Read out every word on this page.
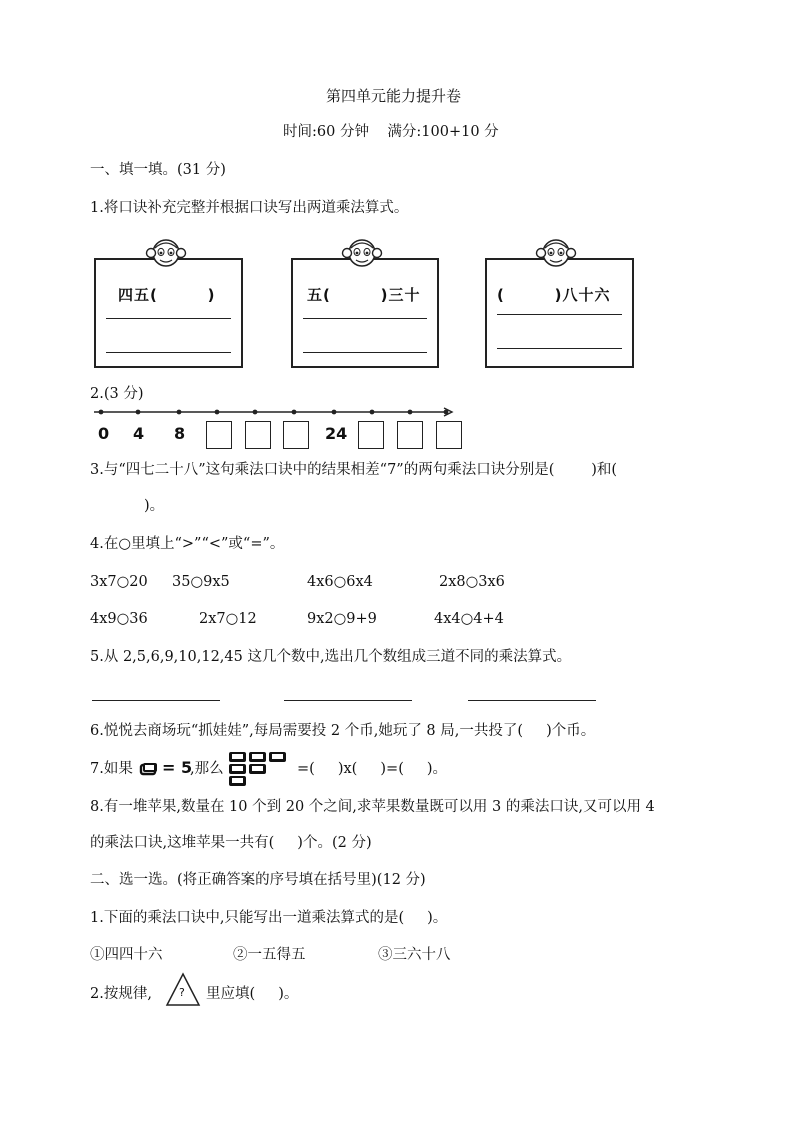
第四单元能力提升卷
时间:60 分钟    满分:100+10 分
一、填一填。(31 分)
1.将口诀补充完整并根据口诀写出两道乘法算式。
四五(        )	五(        )三十	(        )八十六
2.(3 分)
0 4 8	24
3.与“四七二十八”这句乘法口诀中的结果相差“7”的两句乘法口诀分别是(        )和(
)。
4.在○里填上“>”“<”或“=”。
3x7○20 35○9x5	4x6○6x4	2x8○3x6
4x9○36	2x7○12	9x2○9+9	4x4○4+4
5.从 2,5,6,9,10,12,45 这几个数中,选出几个数组成三道不同的乘法算式。
6.悦悦去商场玩“抓娃娃”,每局需要投 2 个币,她玩了 8 局,一共投了(     )个币。
7.如果 = 5
,那么	=(     )x(     )=(     )。
8.有一堆苹果,数量在 10 个到 20 个之间,求苹果数量既可以用 3 的乘法口诀,又可以用 4
的乘法口诀,这堆苹果一共有(     )个。(2 分)
二、选一选。(将正确答案的序号填在括号里)(12 分)
1.下面的乘法口诀中,只能写出一道乘法算式的是(     )。
①四四十六	②一五得五	③三六十八
2.按规律, ? 里应填(     )。
